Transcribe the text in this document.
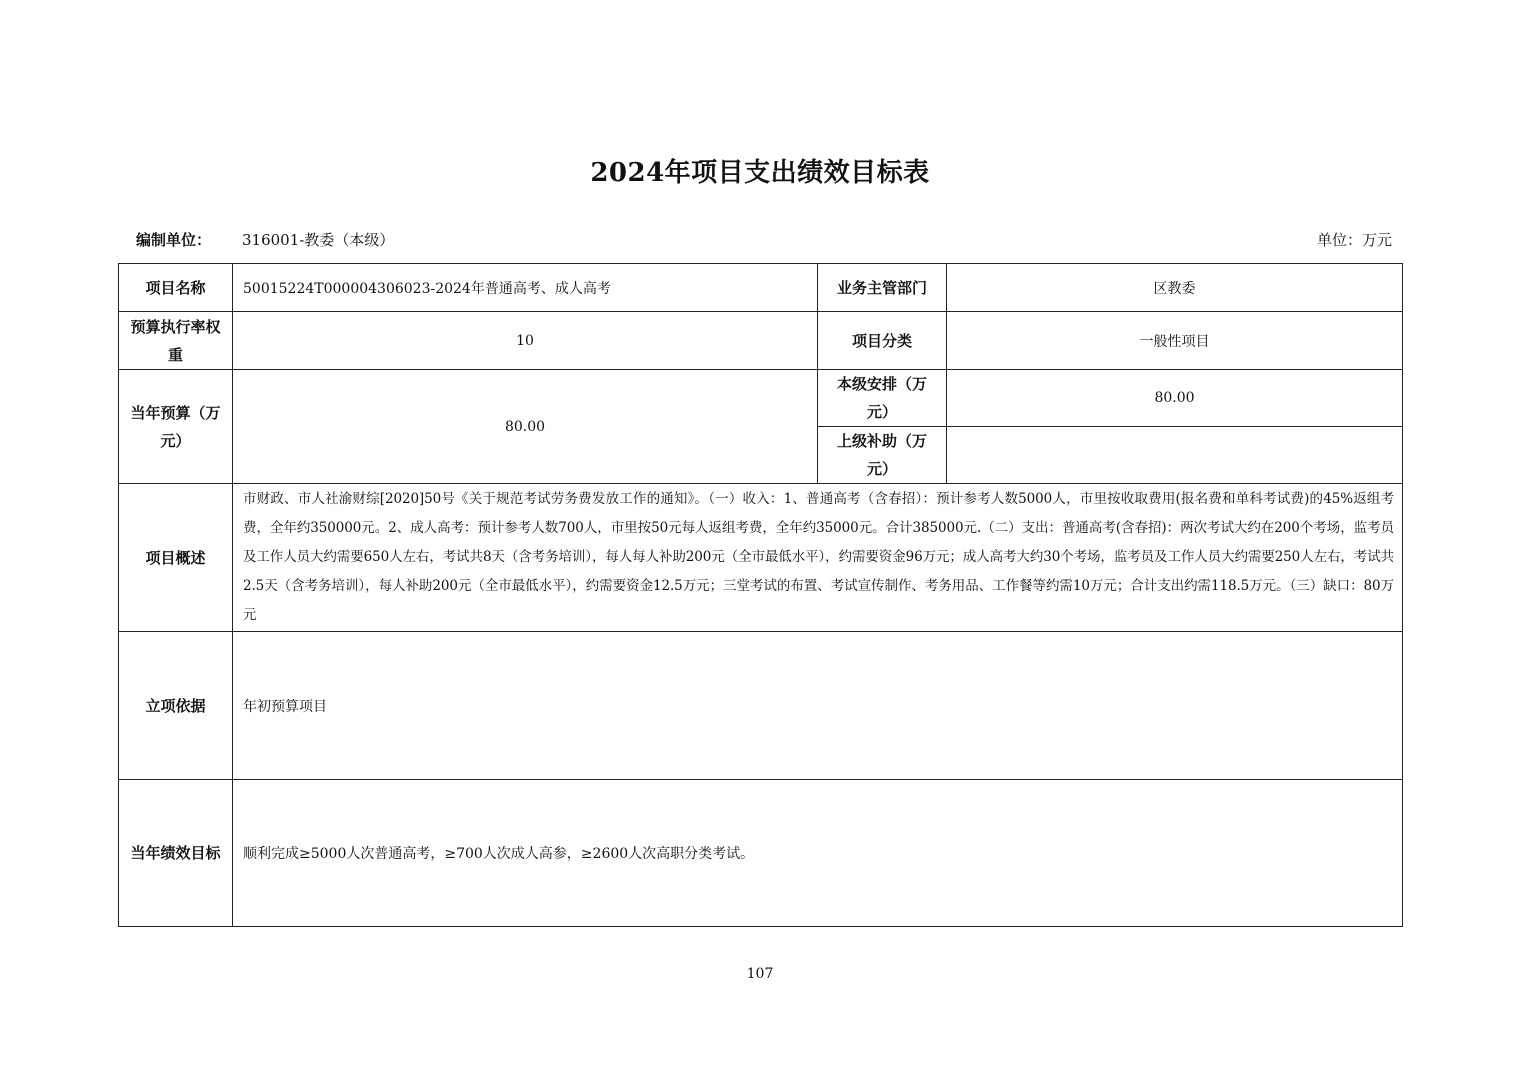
2024年项目支出绩效目标表
编制单位： 316001-教委（本级）	单位：万元
项目名称	50015224T000004306023-2024年普通高考、成人高考	业务主管部门	区教委
预算执行率权重	10	项目分类	一般性项目
当年预算（万元）	80.00	本级安排（万元）	80.00
		上级补助（万元）	
项目概述	市财政、市人社渝财综[2020]50号《关于规范考试劳务费发放工作的通知》。（一）收入：1、普通高考（含春招）：预计参考人数5000人，市里按收取费用(报名费和单科考试费)的45%返组考费，全年约350000元。2、成人高考：预计参考人数700人，市里按50元每人返组考费，全年约35000元。合计385000元.（二）支出：普通高考(含春招)：两次考试大约在200个考场，监考员及工作人员大约需要650人左右，考试共8天（含考务培训），每人每人补助200元（全市最低水平），约需要资金96万元；成人高考大约30个考场，监考员及工作人员大约需要250人左右，考试共2.5天（含考务培训），每人补助200元（全市最低水平），约需要资金12.5万元；三堂考试的布置、考试宣传制作、考务用品、工作餐等约需10万元；合计支出约需118.5万元。（三）缺口：80万元		
立项依据	年初预算项目		
当年绩效目标	顺利完成≥5000人次普通高考，≥700人次成人高参，≥2600人次高职分类考试。		
107
